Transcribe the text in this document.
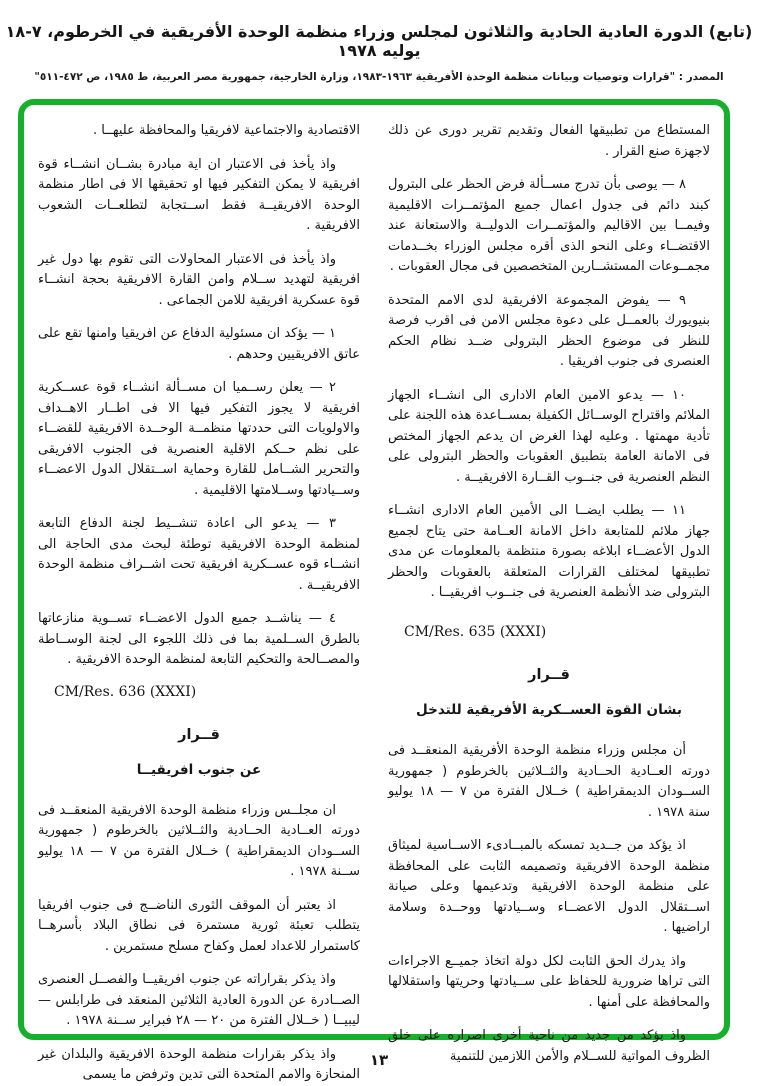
(تابع) الدورة العادية الحادية والثلاثون لمجلس وزراء منظمة الوحدة الأفريقية في الخرطوم، ٧-١٨ يوليه ١٩٧٨
المصدر : "قرارات وتوصيات وبيانات منظمة الوحدة الأفريقية ١٩٦٣-١٩٨٣، وزارة الخارجية، جمهورية مصر العربية، ط ١٩٨٥، ص ٤٧٢-٥١١"

المستطاع من تطبيقها الفعال وتقديم تقرير دورى عن ذلك لاجهزة صنع القرار .

٨ — يوصى بأن تدرج مســألة فرض الحظر على البترول كبند دائم فى جدول اعمال جميع المؤتمــرات الاقليمية وفيمــا بين الاقاليم والمؤتمــرات الدوليــة والاستعانة عند الاقتضــاء وعلى النحو الذى أقره مجلس الوزراء بخــدمات مجمــوعات المستشــارين المتخصصين فى مجال العقوبات .

٩ — يفوض المجموعة الافريقية لدى الامم المتحدة بنيويورك بالعمــل على دعوة مجلس الامن فى اقرب فرصة للنظر فى موضوع الحظر البترولى ضــد نظام الحكم العنصرى فى جنوب افريقيا .

١٠ — يدعو الامين العام الادارى الى انشــاء الجهاز الملائم واقتراح الوســائل الكفيلة بمســاعدة هذه اللجنة على تأدية مهمتها . وعليه لهذا الغرض ان يدعم الجهاز المختص فى الامانة العامة بتطبيق العقوبات والحظر البترولى على النظم العنصرية فى جنــوب القــارة الافريقيــة .

١١ — يطلب ايضــا الى الأمين العام الادارى انشــاء جهاز ملائم للمتابعة داخل الامانة العــامة حتى يتاح لجميع الدول الأعضــاء ابلاغه بصورة منتظمة بالمعلومات عن مدى تطبيقها لمختلف القرارات المتعلقة بالعقوبات والحظر البترولى ضد الأنظمة العنصرية فى جنــوب افريقيــا .

CM/Res. 635 (XXXI)
قــرار
بشان القوة العســكرية الأفريقية للتدخل

أن مجلس وزراء منظمة الوحدة الأفريقية المنعقــد فى دورته العــادية الحــادية والثــلاثين بالخرطوم ( جمهورية الســودان الديمقراطية ) خــلال الفترة من ٧ — ١٨ يوليو سنة ١٩٧٨ .

اذ يؤكد من جــديد تمسكه بالمبــادىء الاســاسية لميثاق منظمة الوحدة الافريقية وتصميمه الثابت على المحافظة على منظمة الوحدة الافريقية وتدعيمها وعلى صيانة اســتقلال الدول الاعضــاء وســيادتها ووحــدة وسلامة اراضيها .

واذ يدرك الحق الثابت لكل دولة اتخاذ جميــع الاجراءات التى تراها ضرورية للحفاظ على ســيادتها وحريتها واستقلالها والمحافظة على أمنها .

واذ يؤكد من جديد من ناحية أخرى اصراره على خلق الظروف المواتية للســلام والأمن اللازمين للتنمية

الاقتصادية والاجتماعية لافريقيا والمحافظة عليهــا .

واذ يأخذ فى الاعتبار ان اية مبادرة بشــان انشــاء قوة افريقية لا يمكن التفكير فيها او تحقيقها الا فى اطار منظمة الوحدة الافريقيــة فقط اســتجابة لتطلعــات الشعوب الافريقية .

واذ يأخذ فى الاعتبار المحاولات التى تقوم بها دول غير افريقية لتهديد ســلام وامن القارة الافريقية بحجة انشــاء قوة عسكرية افريقية للامن الجماعى .

١ — يؤكد ان مسئولية الدفاع عن افريقيا وامنها تقع على عاتق الافريقيين وحدهم .

٢ — يعلن رســميا ان مســألة انشــاء قوة عســكرية افريقية لا يجوز التفكير فيها الا فى اطــار الاهــداف والاولويات التى حددتها منظمــة الوحــدة الافريقية للقضــاء على نظم حــكم الاقلية العنصرية فى الجنوب الافريقى والتحرير الشــامل للقارة وحماية اســتقلال الدول الاعضــاء وســيادتها وســلامتها الاقليمية .

٣ — يدعو الى اعادة تنشــيط لجنة الدفاع التابعة لمنظمة الوحدة الافريقية توطئة لبحث مدى الحاجة الى انشــاء قوه عســكرية افريقية تحت اشــراف منظمة الوحدة الافريقيــة .

٤ — يناشــد جميع الدول الاعضــاء تســوية منازعاتها بالطرق الســلمية بما فى ذلك اللجوء الى لجنة الوســاطة والمصــالحة والتحكيم التابعة لمنظمة الوحدة الافريقية .

CM/Res. 636 (XXXI)
قــرار
عن جنوب افريقيــا

ان مجلــس وزراء منظمة الوحدة الافريقية المنعقــد فى دورته العــادية الحــادية والثــلاثين بالخرطوم ( جمهورية الســودان الديمقراطية ) خــلال الفترة من ٧ — ١٨ يوليو ســنة ١٩٧٨ .

اذ يعتبر أن الموقف الثورى الناضــج فى جنوب افريقيا يتطلب تعبئة ثورية مستمرة فى نطاق البلاد بأسرهــا كاستمرار للاعداد لعمل وكفاح مسلح مستمرين .

واذ يذكر بقراراته عن جنوب افريقيــا والفصــل العنصرى الصــادرة عن الدورة العادية الثلاثين المنعقد فى طرابلس — ليبيــا ( خــلال الفترة من ٢٠ — ٢٨ فبراير ســنة ١٩٧٨ .

واذ يذكر بقرارات منظمة الوحدة الافريقية والبلدان غير المنحازة والامم المتحدة التى تدين وترفض ما يسمى

١٣
